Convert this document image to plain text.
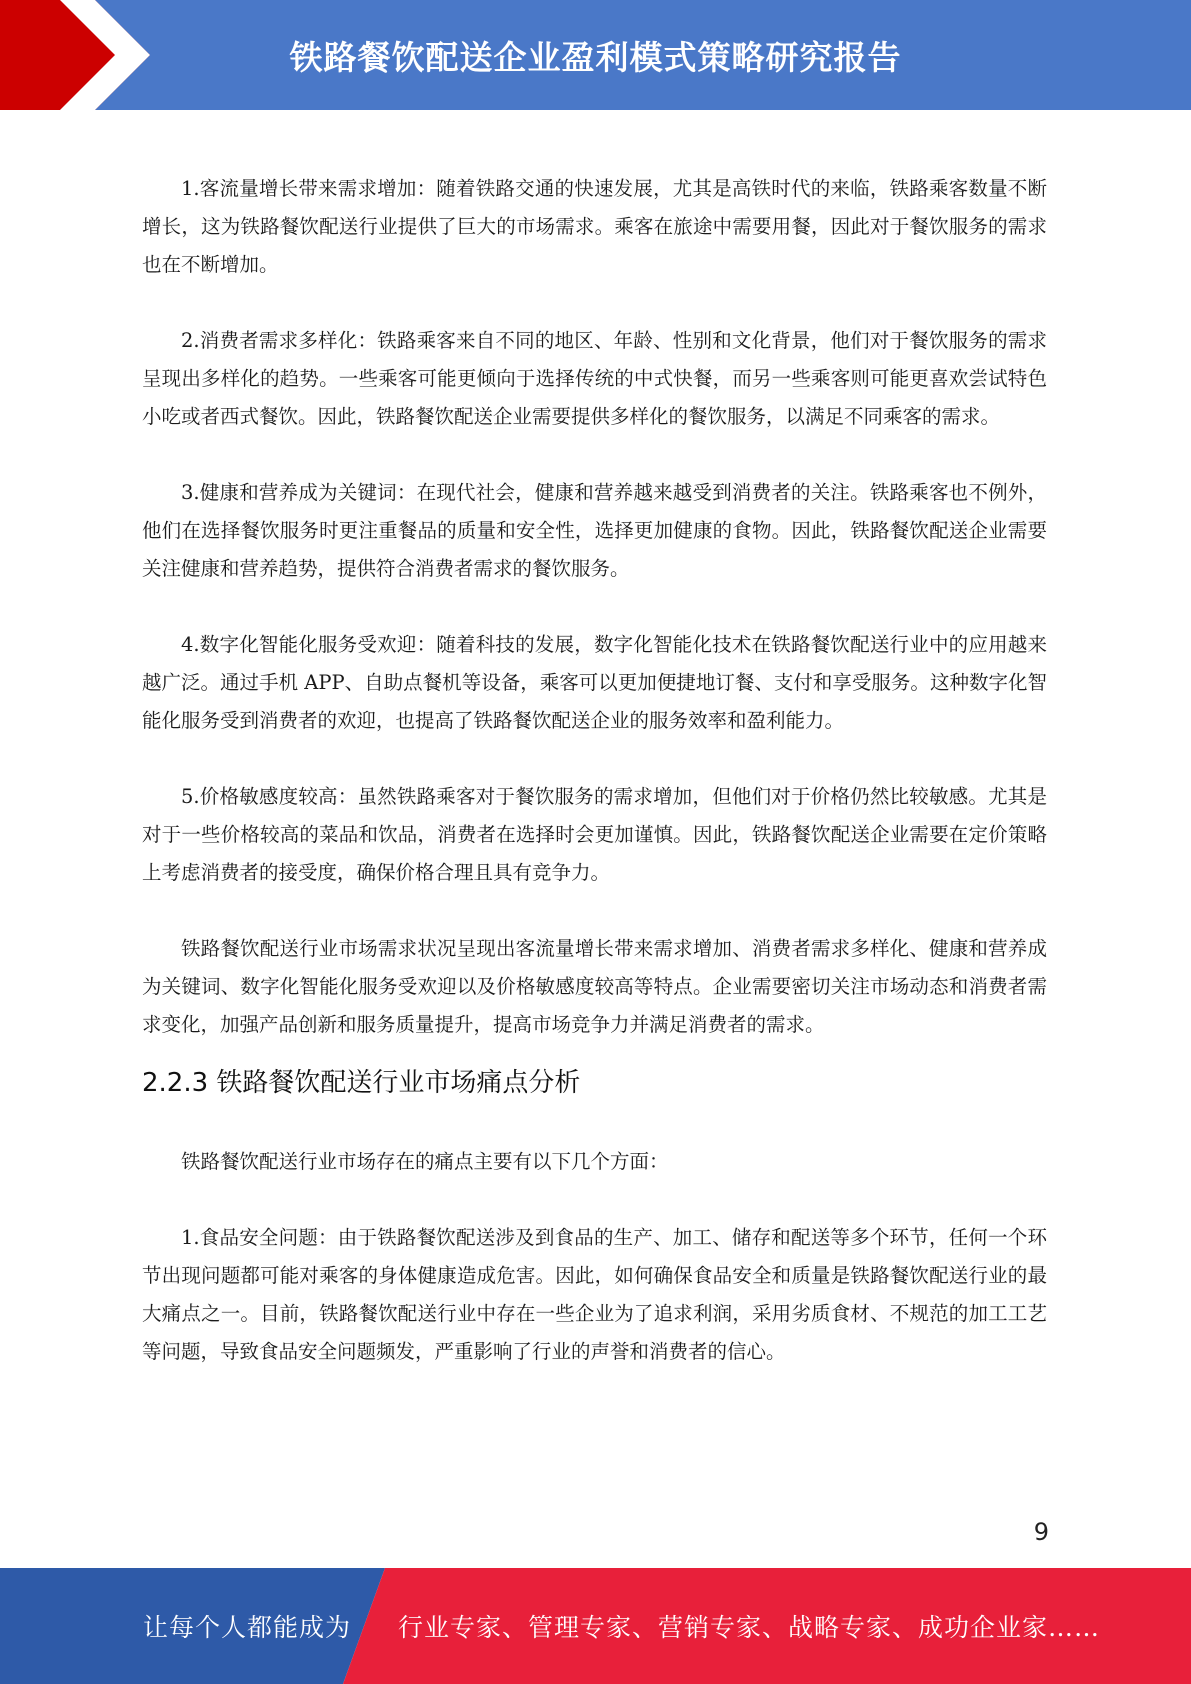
铁路餐饮配送企业盈利模式策略研究报告

1.客流量增长带来需求增加：随着铁路交通的快速发展，尤其是高铁时代的来临，铁路乘客数量不断增长，这为铁路餐饮配送行业提供了巨大的市场需求。乘客在旅途中需要用餐，因此对于餐饮服务的需求也在不断增加。

2.消费者需求多样化：铁路乘客来自不同的地区、年龄、性别和文化背景，他们对于餐饮服务的需求呈现出多样化的趋势。一些乘客可能更倾向于选择传统的中式快餐，而另一些乘客则可能更喜欢尝试特色小吃或者西式餐饮。因此，铁路餐饮配送企业需要提供多样化的餐饮服务，以满足不同乘客的需求。

3.健康和营养成为关键词：在现代社会，健康和营养越来越受到消费者的关注。铁路乘客也不例外，他们在选择餐饮服务时更注重餐品的质量和安全性，选择更加健康的食物。因此，铁路餐饮配送企业需要关注健康和营养趋势，提供符合消费者需求的餐饮服务。

4.数字化智能化服务受欢迎：随着科技的发展，数字化智能化技术在铁路餐饮配送行业中的应用越来越广泛。通过手机 APP、自助点餐机等设备，乘客可以更加便捷地订餐、支付和享受服务。这种数字化智能化服务受到消费者的欢迎，也提高了铁路餐饮配送企业的服务效率和盈利能力。

5.价格敏感度较高：虽然铁路乘客对于餐饮服务的需求增加，但他们对于价格仍然比较敏感。尤其是对于一些价格较高的菜品和饮品，消费者在选择时会更加谨慎。因此，铁路餐饮配送企业需要在定价策略上考虑消费者的接受度，确保价格合理且具有竞争力。

铁路餐饮配送行业市场需求状况呈现出客流量增长带来需求增加、消费者需求多样化、健康和营养成为关键词、数字化智能化服务受欢迎以及价格敏感度较高等特点。企业需要密切关注市场动态和消费者需求变化，加强产品创新和服务质量提升，提高市场竞争力并满足消费者的需求。

2.2.3 铁路餐饮配送行业市场痛点分析

铁路餐饮配送行业市场存在的痛点主要有以下几个方面：

1.食品安全问题：由于铁路餐饮配送涉及到食品的生产、加工、储存和配送等多个环节，任何一个环节出现问题都可能对乘客的身体健康造成危害。因此，如何确保食品安全和质量是铁路餐饮配送行业的最大痛点之一。目前，铁路餐饮配送行业中存在一些企业为了追求利润，采用劣质食材、不规范的加工工艺等问题，导致食品安全问题频发，严重影响了行业的声誉和消费者的信心。

9
让每个人都能成为 行业专家、管理专家、营销专家、战略专家、成功企业家……
